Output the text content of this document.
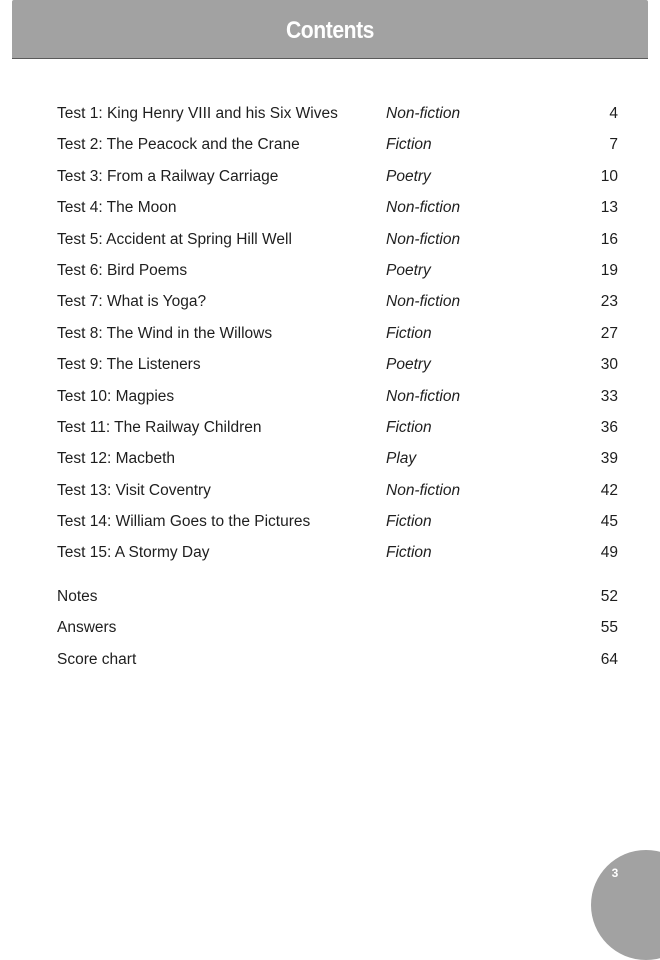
Contents
Test 1: King Henry VIII and his Six Wives	Non-fiction	4
Test 2: The Peacock and the Crane	Fiction	7
Test 3: From a Railway Carriage	Poetry	10
Test 4: The Moon	Non-fiction	13
Test 5: Accident at Spring Hill Well	Non-fiction	16
Test 6: Bird Poems	Poetry	19
Test 7: What is Yoga?	Non-fiction	23
Test 8: The Wind in the Willows	Fiction	27
Test 9: The Listeners	Poetry	30
Test 10: Magpies	Non-fiction	33
Test 11: The Railway Children	Fiction	36
Test 12: Macbeth	Play	39
Test 13: Visit Coventry	Non-fiction	42
Test 14: William Goes to the Pictures	Fiction	45
Test 15: A Stormy Day	Fiction	49
Notes	52
Answers	55
Score chart	64
3
